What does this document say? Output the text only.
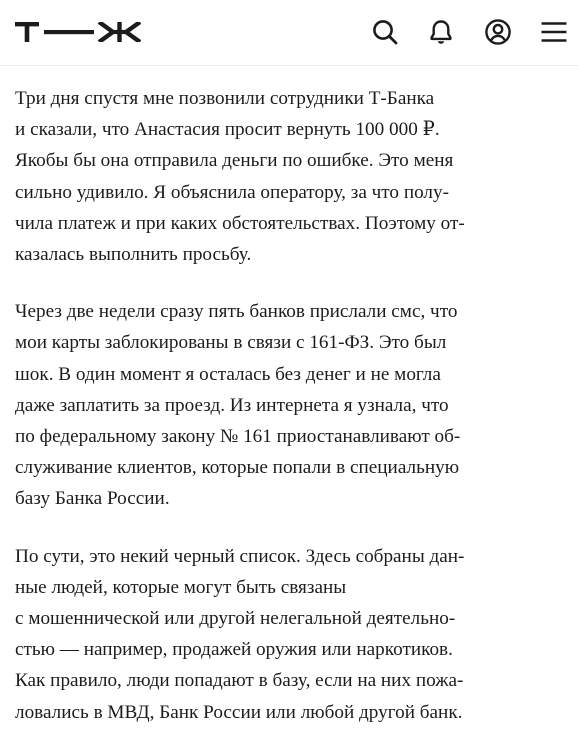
Три дня спустя мне позвонили сотрудники Т-Банка
и сказали, что Анастасия просит вернуть 100 000 ₽.
Якобы бы она отправила деньги по ошибке. Это меня
сильно удивило. Я объяснила оператору, за что полу-
чила платеж и при каких обстоятельствах. Поэтому от-
казалась выполнить просьбу.

Через две недели сразу пять банков прислали смс, что
мои карты заблокированы в связи с 161-ФЗ. Это был
шок. В один момент я осталась без денег и не могла
даже заплатить за проезд. Из интернета я узнала, что
по федеральному закону № 161 приостанавливают об-
служивание клиентов, которые попали в специальную
базу Банка России.

По сути, это некий черный список. Здесь собраны дан-
ные людей, которые могут быть связаны
с мошеннической или другой нелегальной деятельно-
стью — например, продажей оружия или наркотиков.
Как правило, люди попадают в базу, если на них пожа-
ловались в МВД, Банк России или любой другой банк.
